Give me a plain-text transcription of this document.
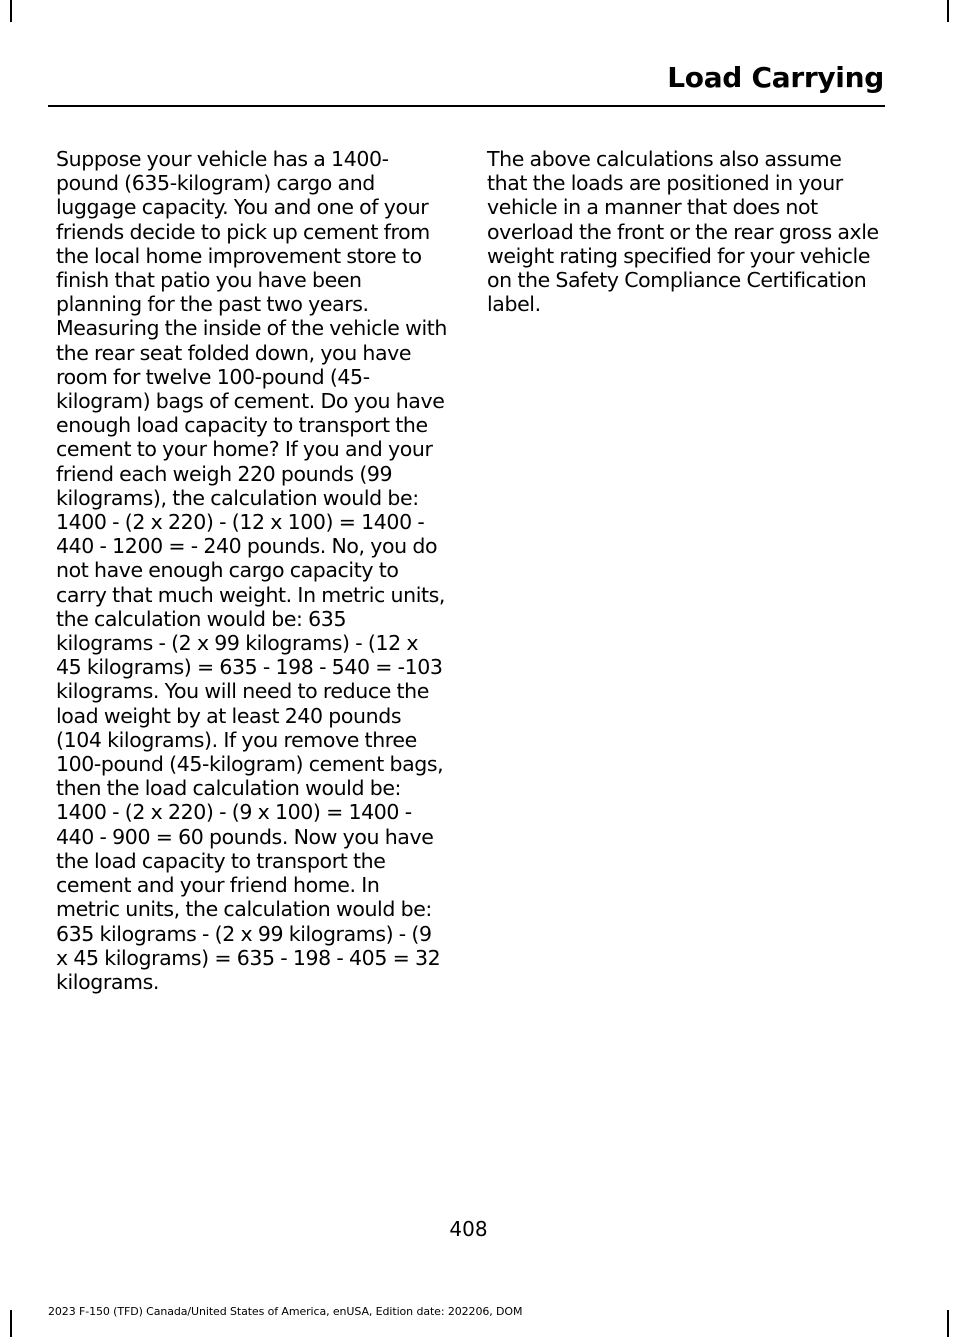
Load Carrying
Suppose your vehicle has a 1400-pound (635-kilogram) cargo and luggage capacity. You and one of your friends decide to pick up cement from the local home improvement store to finish that patio you have been planning for the past two years. Measuring the inside of the vehicle with the rear seat folded down, you have room for twelve 100-pound (45-kilogram) bags of cement. Do you have enough load capacity to transport the cement to your home? If you and your friend each weigh 220 pounds (99 kilograms), the calculation would be: 1400 - (2 x 220) - (12 x 100) = 1400 - 440 - 1200 = - 240 pounds. No, you do not have enough cargo capacity to carry that much weight. In metric units, the calculation would be: 635 kilograms - (2 x 99 kilograms) - (12 x 45 kilograms) = 635 - 198 - 540 = -103 kilograms. You will need to reduce the load weight by at least 240 pounds (104 kilograms). If you remove three 100-pound (45-kilogram) cement bags, then the load calculation would be: 1400 - (2 x 220) - (9 x 100) = 1400 - 440 - 900 = 60 pounds. Now you have the load capacity to transport the cement and your friend home. In metric units, the calculation would be: 635 kilograms - (2 x 99 kilograms) - (9 x 45 kilograms) = 635 - 198 - 405 = 32 kilograms.
The above calculations also assume that the loads are positioned in your vehicle in a manner that does not overload the front or the rear gross axle weight rating specified for your vehicle on the Safety Compliance Certification label.
408
2023 F-150 (TFD) Canada/United States of America, enUSA, Edition date: 202206, DOM
